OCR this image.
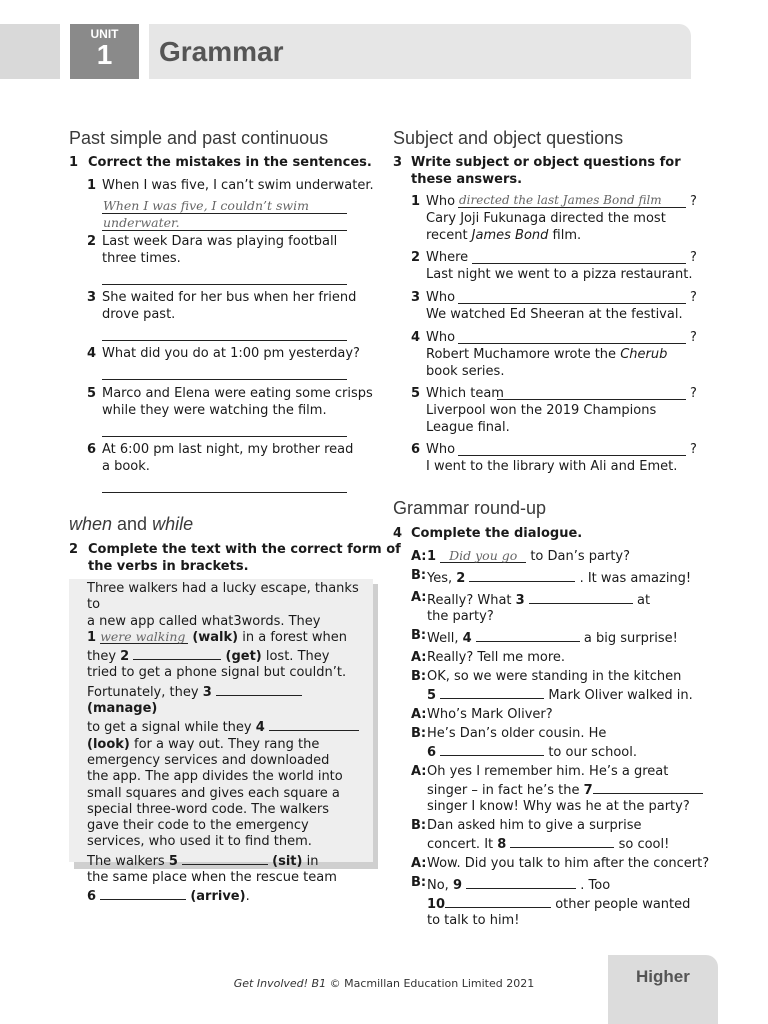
UNIT
1	Grammar
Past simple and past continuous
1 Correct the mistakes in the sentences.
1 When I was five, I can’t swim underwater.
When I was five, I couldn’t swim
underwater.
2 Last week Dara was playing football
three times.
3 She waited for her bus when her friend
drove past.
4 What did you do at 1:00 pm yesterday?
5 Marco and Elena were eating some crisps
while they were watching the film.
6 At 6:00 pm last night, my brother read
a book.
when and while
2 Complete the text with the correct form of
the verbs in brackets.
Three walkers had a lucky escape, thanks to
a new app called what3words. They
1 were walking (walk) in a forest when
they 2	(get) lost. They
tried to get a phone signal but couldn’t.
Fortunately, they 3  (manage)
to get a signal while they 4
(look) for a way out. They rang the
emergency services and downloaded
the app. The app divides the world into
small squares and gives each square a
special three-word code. The walkers
gave their code to the emergency
services, who used it to find them.
The walkers 5	(sit) in
the same place when the rescue team
6	(arrive).
Subject and object questions
3 Write subject or object questions for
these answers.
1 Who directed the last James Bond film ?
Cary Joji Fukunaga directed the most
recent James Bond film.
2 Where	?
Last night we went to a pizza restaurant.
3 Who	?
We watched Ed Sheeran at the festival.
4 Who	?
Robert Muchamore wrote the Cherub
book series.
5 Which team	?
Liverpool won the 2019 Champions
League final.
6 Who	?
I went to the library with Ali and Emet.
Grammar round-up
4 Complete the dialogue.
A: 1 Did you go to Dan’s party?
B: Yes, 2	. It was amazing!
A: Really? What 3	at
the party?
B: Well, 4	a big surprise!
A: Really? Tell me more.
B: OK, so we were standing in the kitchen
5	Mark Oliver walked in.
A: Who’s Mark Oliver?
B: He’s Dan’s older cousin. He
6	to our school.
A: Oh yes I remember him. He’s a great
singer – in fact he’s the 7
singer I know! Why was he at the party?
B: Dan asked him to give a surprise
concert. It 8	so cool!
A: Wow. Did you talk to him after the concert?
B: No, 9	. Too
10	other people wanted
to talk to him!
Get Involved! B1 © Macmillan Education Limited 2021	Higher
